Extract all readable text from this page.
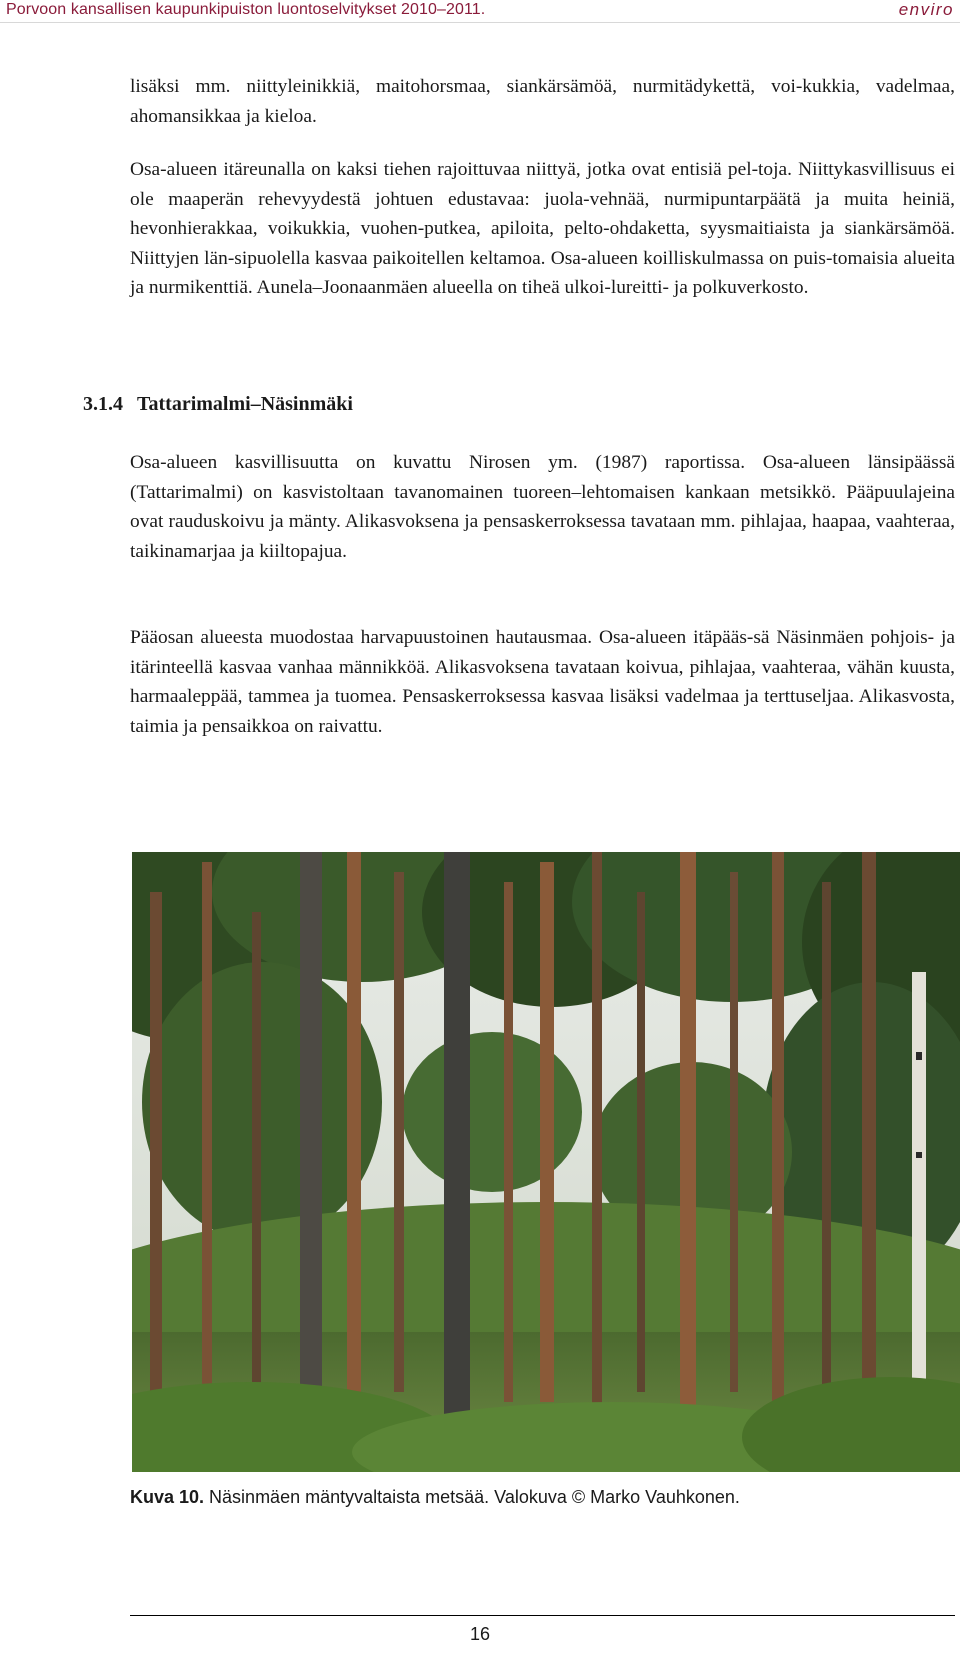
Porvoon kansallisen kaupunkipuiston luontoselvitykset 2010–2011.	enviro

lisäksi mm. niittyleinikkiä, maitohorsmaa, siankärsämöä, nurmitädykettä, voi-kukkia, vadelmaa, ahomansikkaa ja kieloa.

Osa-alueen itäreunalla on kaksi tiehen rajoittuvaa niittyä, jotka ovat entisiä pel-toja. Niittykasvillisuus ei ole maaperän rehevyydestä johtuen edustavaa: juola-vehnää, nurmipuntarpäätä ja muita heiniä, hevonhierakkaa, voikukkia, vuohen-putkea, apiloita, pelto-ohdaketta, syysmaitiaista ja siankärsämöä. Niittyjen län-sipuolella kasvaa paikoitellen keltamoa. Osa-alueen koilliskulmassa on puis-tomaisia alueita ja nurmikenttiä. Aunela–Joonaanmäen alueella on tiheä ulkoi-lureitti- ja polkuverkosto.

3.1.4 Tattarimalmi–Näsinmäki

Osa-alueen kasvillisuutta on kuvattu Nirosen ym. (1987) raportissa. Osa-alueen länsipäässä (Tattarimalmi) on kasvistoltaan tavanomainen tuoreen–lehtomaisen kankaan metsikkö. Pääpuulajeina ovat rauduskoivu ja mänty. Alikasvoksena ja pensaskerroksessa tavataan mm. pihlajaa, haapaa, vaahteraa, taikinamarjaa ja kiiltopajua.

Pääosan alueesta muodostaa harvapuustoinen hautausmaa. Osa-alueen itäpääs-sä Näsinmäen pohjois- ja itärinteellä kasvaa vanhaa männikköä. Alikasvoksena tavataan koivua, pihlajaa, vaahteraa, vähän kuusta, harmaaleppää, tammea ja tuomea. Pensaskerroksessa kasvaa lisäksi vadelmaa ja terttuseljaa. Alikasvosta, taimia ja pensaikkoa on raivattu.

Kuva 10. Näsinmäen mäntyvaltaista metsää. Valokuva © Marko Vauhkonen.

16
